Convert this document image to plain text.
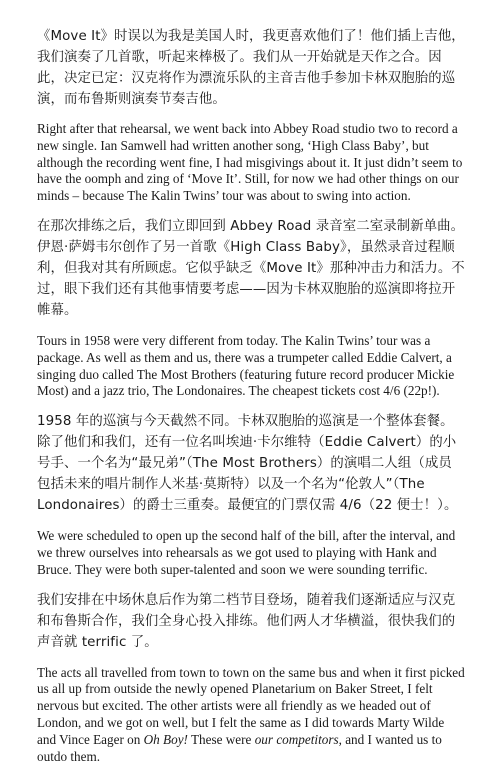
《Move It》时误以为我是美国人时，我更喜欢他们了！他们插上吉他，我们演奏了几首歌，听起来棒极了。我们从一开始就是天作之合。因此，决定已定：汉克将作为漂流乐队的主音吉他手参加卡林双胞胎的巡演，而布鲁斯则演奏节奏吉他。

Right after that rehearsal, we went back into Abbey Road studio two to record a new single. Ian Samwell had written another song, ‘High Class Baby’, but although the recording went fine, I had misgivings about it. It just didn’t seem to have the oomph and zing of ‘Move It’. Still, for now we had other things on our minds – because The Kalin Twins’ tour was about to swing into action.

在那次排练之后，我们立即回到 Abbey Road 录音室二室录制新单曲。伊恩·萨姆韦尔创作了另一首歌《High Class Baby》，虽然录音过程顺利，但我对其有所顾虑。它似乎缺乏《Move It》那种冲击力和活力。不过，眼下我们还有其他事情要考虑——因为卡林双胞胎的巡演即将拉开帷幕。

Tours in 1958 were very different from today. The Kalin Twins’ tour was a package. As well as them and us, there was a trumpeter called Eddie Calvert, a singing duo called The Most Brothers (featuring future record producer Mickie Most) and a jazz trio, The Londonaires. The cheapest tickets cost 4/6 (22p!).

1958 年的巡演与今天截然不同。卡林双胞胎的巡演是一个整体套餐。除了他们和我们，还有一位名叫埃迪·卡尔维特（Eddie Calvert）的小号手、一个名为“最兄弟”（The Most Brothers）的演唱二人组（成员包括未来的唱片制作人米基·莫斯特）以及一个名为“伦敦人”（The Londonaires）的爵士三重奏。最便宜的门票仅需 4/6（22 便士！）。

We were scheduled to open up the second half of the bill, after the interval, and we threw ourselves into rehearsals as we got used to playing with Hank and Bruce. They were both super-talented and soon we were sounding terrific.

我们安排在中场休息后作为第二档节目登场，随着我们逐渐适应与汉克和布鲁斯合作，我们全身心投入排练。他们两人才华横溢，很快我们的声音就 terrific 了。

The acts all travelled from town to town on the same bus and when it first picked us all up from outside the newly opened Planetarium on Baker Street, I felt nervous but excited. The other artists were all friendly as we headed out of London, and we got on well, but I felt the same as I did towards Marty Wilde and Vince Eager on Oh Boy! These were our competitors, and I wanted us to outdo them.
